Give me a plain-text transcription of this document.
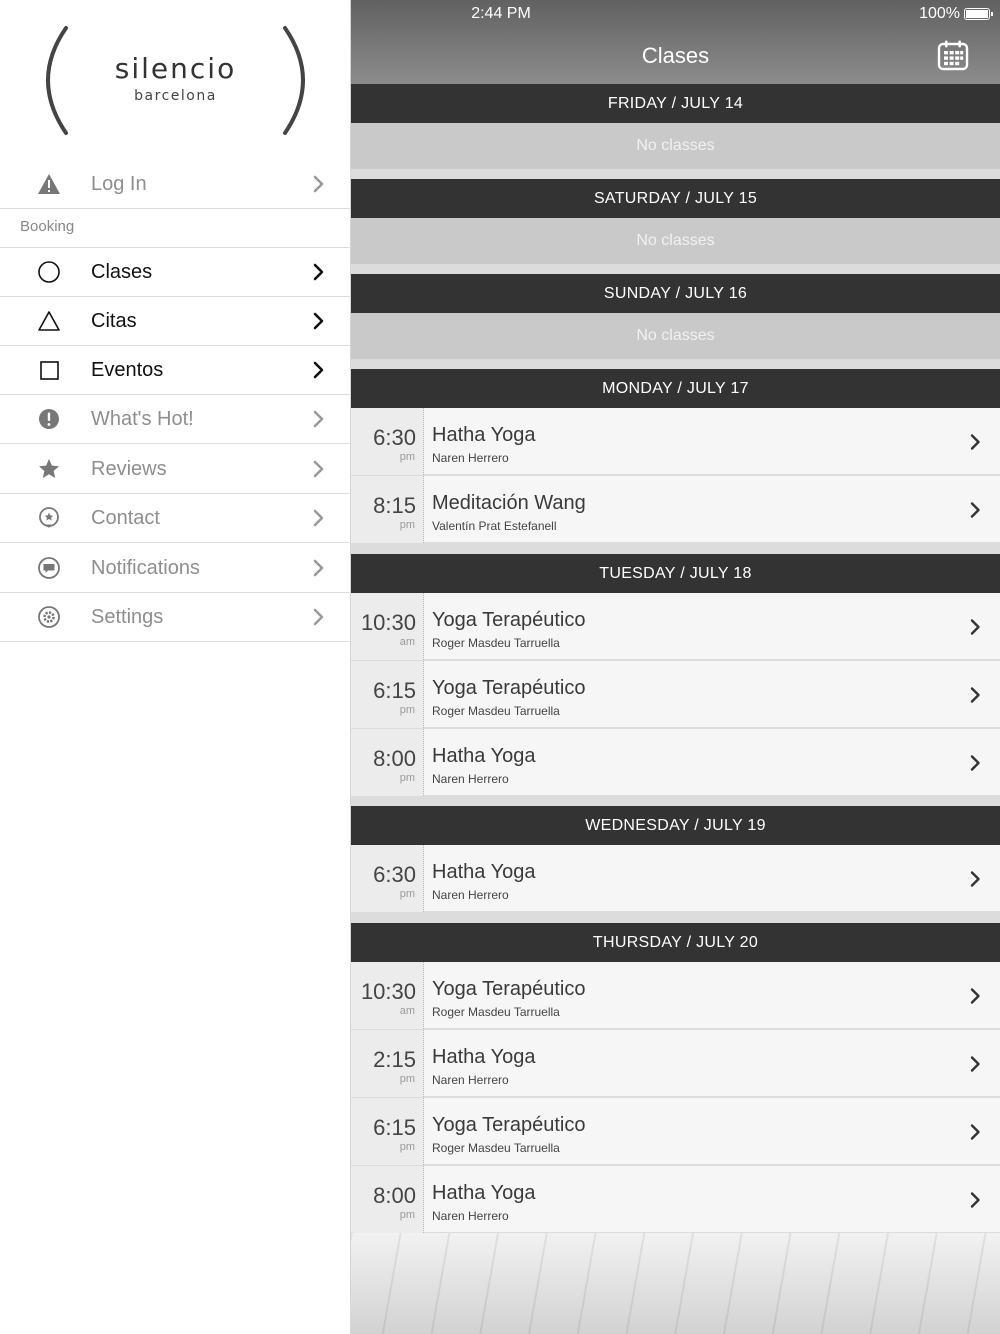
silencio
barcelona
Log In
Booking
Clases
Citas
Eventos
What's Hot!
Reviews
Contact
Notifications
Settings
2:44 PM	100%
Clases
FRIDAY / JULY 14
No classes
SATURDAY / JULY 15
No classes
SUNDAY / JULY 16
No classes
MONDAY / JULY 17
6:30
pm
Hatha Yoga
Naren Herrero
8:15
pm
Meditación Wang
Valentín Prat Estefanell
TUESDAY / JULY 18
10:30
am
Yoga Terapéutico
Roger Masdeu Tarruella
6:15
pm
Yoga Terapéutico
Roger Masdeu Tarruella
8:00
pm
Hatha Yoga
Naren Herrero
WEDNESDAY / JULY 19
6:30
pm
Hatha Yoga
Naren Herrero
THURSDAY / JULY 20
10:30
am
Yoga Terapéutico
Roger Masdeu Tarruella
2:15
pm
Hatha Yoga
Naren Herrero
6:15
pm
Yoga Terapéutico
Roger Masdeu Tarruella
8:00
pm
Hatha Yoga
Naren Herrero
